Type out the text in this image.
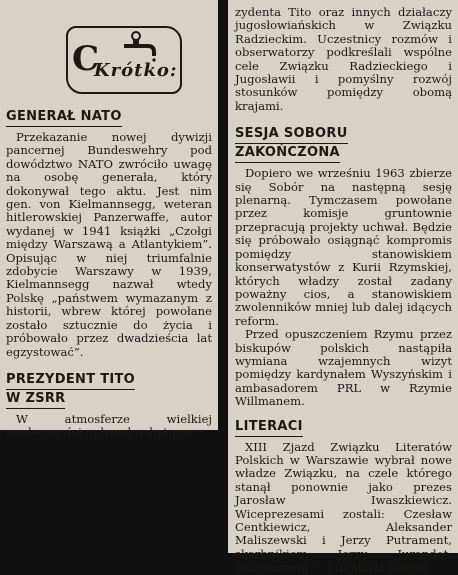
C
Krótko:
GENERAŁ NATO

Przekazanie nowej dywizji pancernej Bundeswehry pod dowództwo NATO zwróciło uwagę na osobę generała, który dokonywał tego aktu. Jest nim gen. von Kielmannsegg, weteran hitlerowskiej Panzerwaffe, autor wydanej w 1941 książki „Czołgi między Warszawą a Atlantykiem”. Opisując w niej triumfalnie zdobycie Warszawy w 1939, Kielmannsegg nazwał wtedy Polskę „państwem wymazanym z historii, wbrew której powołane zostało sztucznie do życia i próbowało przez dwadzieścia lat egzystować”.

PREZYDENT TITO
W ZSRR

W atmosferze wielkiej serdeczności upływał pobyt pre-

zydenta Tito oraz innych działaczy jugosłowiańskich w Związku Radzieckim. Uczestnicy rozmów i obserwatorzy podkreślali wspólne cele Związku Radzieckiego i Jugosławii i pomyślny rozwój stosunków pomiędzy obomą krajami.

SESJA SOBORU
ZAKOŃCZONA

Dopiero we wrześniu 1963 zbierze się Sobór na następną sesję plenarną. Tymczasem powołane przez komisje gruntownie przepracują projekty uchwał. Będzie się próbowało osiągnąć kompromis pomiędzy stanowiskiem konserwatystów z Kurii Rzymskiej, których władzy został zadany poważny cios, a stanowiskiem zwolenników mniej lub dalej idących reform.

Przed opuszczeniem Rzymu przez biskupów polskich nastąpiła wymiana wzajemnych wizyt pomiędzy kardynałem Wyszyńskim i ambasadorem PRL w Rzymie Willmanem.

LITERACI

XIII Zjazd Związku Literatów Polskich w Warszawie wybrał nowe władze Związku, na czele którego stanął ponownie jako prezes Jarosław Iwaszkiewicz. Wiceprezesami zostali: Czesław Centkiewicz, Aleksander Maliszewski i Jerzy Putrament, skarbnikiem Jerzy Jurandot, sekretarzem — Jan Maria Gisges.
